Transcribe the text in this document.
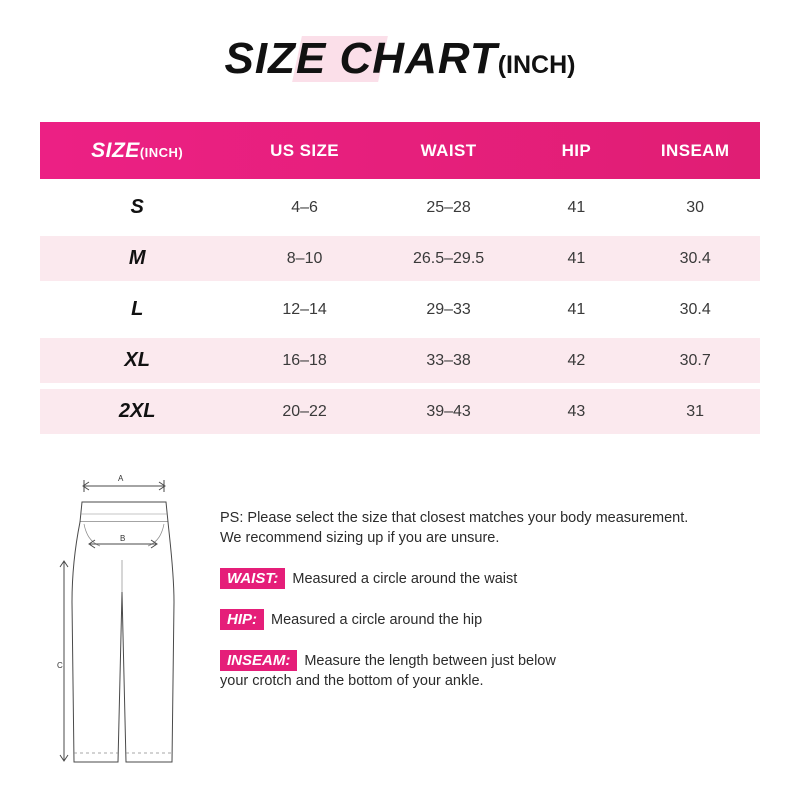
SIZE CHART(INCH)
SIZE(INCH)	US SIZE	WAIST	HIP	INSEAM
S	4–6	25–28	41	30
M	8–10	26.5–29.5	41	30.4
L	12–14	29–33	41	30.4
XL	16–18	33–38	42	30.7
2XL	20–22	39–43	43	31
A
B
C
PS: Please select the size that closest matches your body measurement.
We recommend sizing up if you are unsure.
WAIST: Measured a circle around the waist
HIP: Measured a circle around the hip
INSEAM: Measure the length between just below
your crotch and the bottom of your ankle.
